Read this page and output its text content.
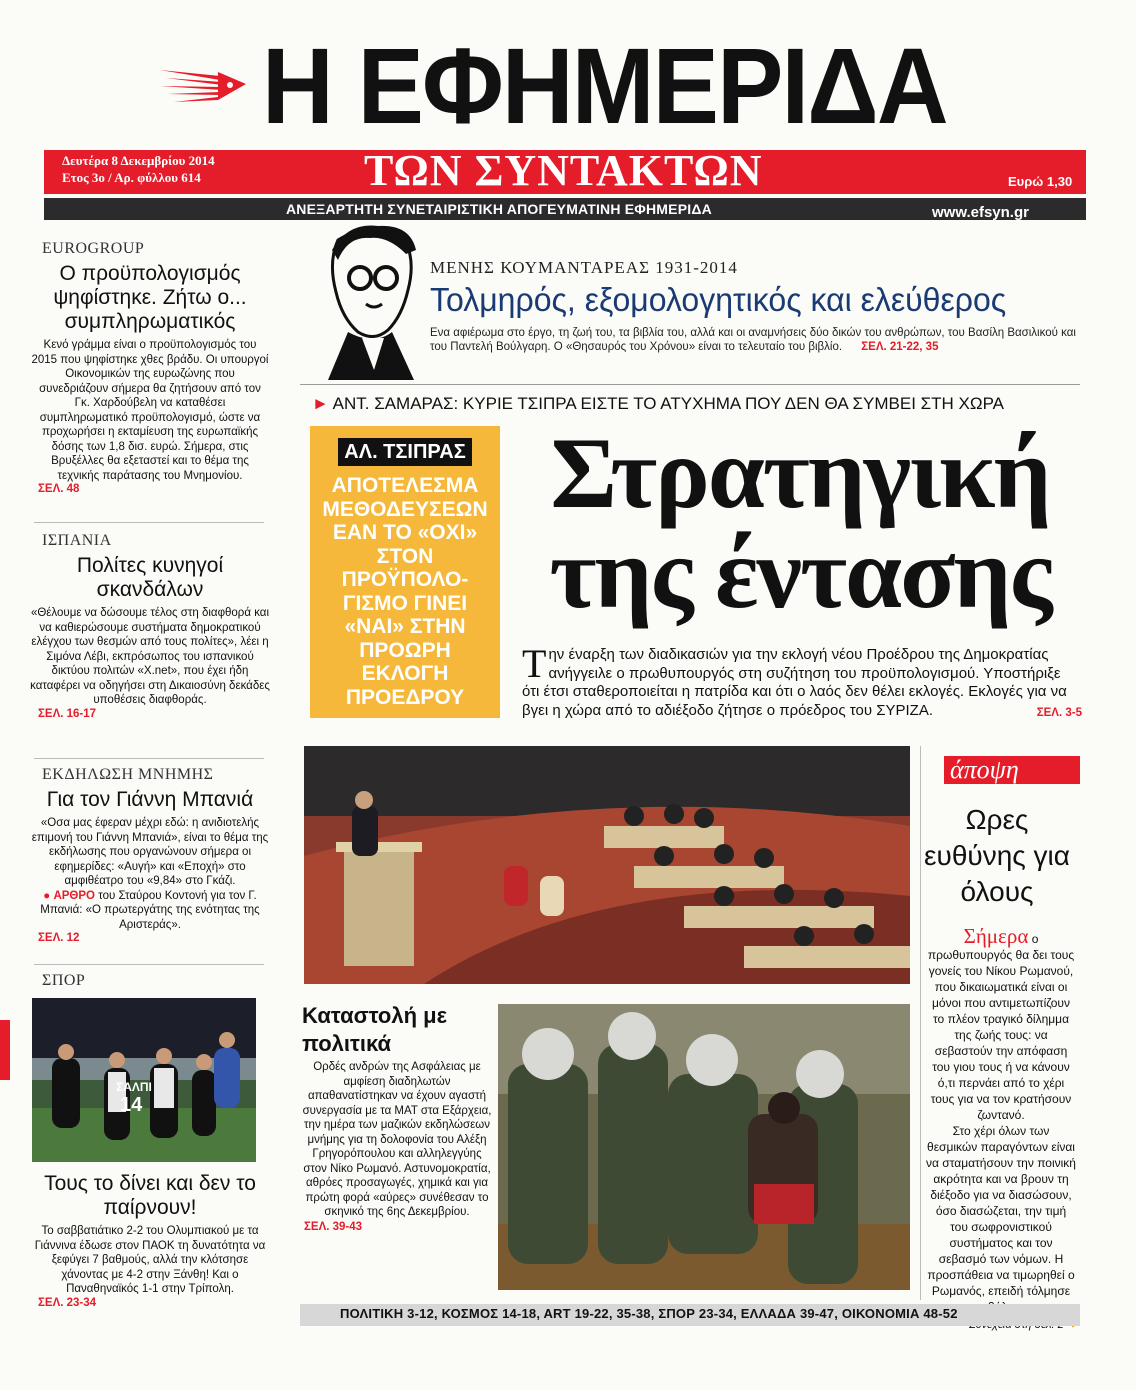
Η ΕΦΗΜΕΡΙΔΑ
Δευτέρα 8 Δεκεμβρίου 2014
Ετος 3ο / Αρ. φύλλου 614	ΤΩΝ ΣΥΝΤΑΚΤΩΝ	Ευρώ 1,30
ΑΝΕΞΑΡΤΗΤΗ ΣΥΝΕΤΑΙΡΙΣΤΙΚΗ ΑΠΟΓΕΥΜΑΤΙΝΗ ΕΦΗΜΕΡΙΔΑ	www.efsyn.gr
EUROGROUP
Ο προϋπολογισμός ψηφίστηκε. Ζήτω ο... συμπληρωματικός
Κενό γράμμα είναι ο προϋπολογισμός του 2015 που ψηφίστηκε χθες βράδυ. Οι υπουργοί Οικονομικών της ευρωζώνης που συνεδριάζουν σήμερα θα ζητήσουν από τον Γκ. Χαρδούβελη να καταθέσει συμπληρωματικό προϋπολογισμό, ώστε να προχωρήσει η εκταμίευση της ευρωπαϊκής δόσης των 1,8 δισ. ευρώ. Σήμερα, στις Βρυξέλλες θα εξεταστεί και το θέμα της τεχνικής παράτασης του Μνημονίου.
ΣΕΛ. 48
ΙΣΠΑΝΙΑ
Πολίτες κυνηγοί σκανδάλων
«Θέλουμε να δώσουμε τέλος στη διαφθορά και να καθιερώσουμε συστήματα δημοκρατικού ελέγχου των θεσμών από τους πολίτες», λέει η Σιμόνα Λέβι, εκπρόσωπος του ισπανικού δικτύου πολιτών «X.net», που έχει ήδη καταφέρει να οδηγήσει στη Δικαιοσύνη δεκάδες υποθέσεις διαφθοράς.
ΣΕΛ. 16-17
ΕΚΔΗΛΩΣΗ ΜΝΗΜΗΣ
Για τον Γιάννη Μπανιά
«Οσα μας έφεραν μέχρι εδώ: η ανιδιοτελής επιμονή του Γιάννη Μπανιά», είναι το θέμα της εκδήλωσης που οργανώνουν σήμερα οι εφημερίδες: «Αυγή» και «Εποχή» στο αμφιθέατρο του «9,84» στο Γκάζι.
● ΑΡΘΡΟ του Σταύρου Κοντονή για τον Γ. Μπανιά: «Ο πρωτεργάτης της ενότητας της Αριστεράς».
ΣΕΛ. 12
ΣΠΟΡ
ΣΑΛΠΙ
14
Τους το δίνει και δεν το παίρνουν!
Το σαββατιάτικο 2-2 του Ολυμπιακού με τα Γιάννινα έδωσε στον ΠΑΟΚ τη δυνατότητα να ξεφύγει 7 βαθμούς, αλλά την κλότσησε χάνοντας με 4-2 στην Ξάνθη! Και ο Παναθηναϊκός 1-1 στην Τρίπολη.
ΣΕΛ. 23-34
ΜΕΝΗΣ ΚΟΥΜΑΝΤΑΡΕΑΣ 1931-2014
Τολμηρός, εξομολογητικός και ελεύθερος
Ενα αφιέρωμα στο έργο, τη ζωή του, τα βιβλία του, αλλά και οι αναμνήσεις δύο δικών του ανθρώπων, του Βασίλη Βασιλικού και του Παντελή Βούλγαρη. Ο «Θησαυρός του Χρόνου» είναι το τελευταίο του βιβλίο. ΣΕΛ. 21-22, 35
► ΑΝΤ. ΣΑΜΑΡΑΣ: ΚΥΡΙΕ ΤΣΙΠΡΑ ΕΙΣΤΕ ΤΟ ΑΤΥΧΗΜΑ ΠΟΥ ΔΕΝ ΘΑ ΣΥΜΒΕΙ ΣΤΗ ΧΩΡΑ
ΑΛ. ΤΣΙΠΡΑΣ
ΑΠΟΤΕΛΕΣΜΑ ΜΕΘΟΔΕΥΣΕΩΝ ΕΑΝ ΤΟ «ΟΧΙ» ΣΤΟΝ ΠΡΟΫΠΟΛΟ-ΓΙΣΜΟ ΓΙΝΕΙ «ΝΑΙ» ΣΤΗΝ ΠΡΟΩΡΗ ΕΚΛΟΓΗ ΠΡΟΕΔΡΟΥ
Στρατηγική
της έντασης
Την έναρξη των διαδικασιών για την εκλογή νέου Προέδρου της Δημοκρατίας ανήγγειλε ο πρωθυπουργός στη συζήτηση του προϋπολογισμού. Υποστήριξε ότι έτσι σταθεροποιείται η πατρίδα και ότι ο λαός δεν θέλει εκλογές. Εκλογές για να βγει η χώρα από το αδιέξοδο ζήτησε ο πρόεδρος του ΣΥΡΙΖΑ.	ΣΕΛ. 3-5
άποψη
Ωρες ευθύνης για όλους
Σήμερα ο πρωθυπουργός θα δει τους γονείς του Νίκου Ρωμανού, που δικαιωματικά είναι οι μόνοι που αντιμετωπίζουν το πλέον τραγικό δίλημμα της ζωής τους: να σεβαστούν την απόφαση του γιου τους ή να κάνουν ό,τι περνάει από το χέρι τους για να τον κρατήσουν ζωντανό.
Στο χέρι όλων των θεσμικών παραγόντων είναι να σταματήσουν την ποινική ακρότητα και να βρουν τη διέξοδο για να διασώσουν, όσο διασώζεται, την τιμή του σωφρονιστικού συστήματος και τον σεβασμό των νόμων. Η προσπάθεια να τιμωρηθεί ο Ρωμανός, επειδή τόλμησε
Καταστολή με πολιτικά
Ορδές ανδρών της Ασφάλειας με αμφίεση διαδηλωτών απαθανατίστηκαν να έχουν αγαστή συνεργασία με τα ΜΑΤ στα Εξάρχεια, την ημέρα των μαζικών εκδηλώσεων μνήμης για τη δολοφονία του Αλέξη Γρηγορόπουλου και αλληλεγγύης στον Νίκο Ρωμανό. Αστυνομοκρατία, αθρόες προσαγωγές, χημικά και για πρώτη φορά «αύρες» συνέθεσαν το σκηνικό της 6ης Δεκεμβρίου.
ΣΕΛ. 39-43
ΠΟΛΙΤΙΚΗ 3-12, ΚΟΣΜΟΣ 14-18, ΑRΤ 19-22, 35-38, ΣΠΟΡ 23-34, ΕΛΛΑΔΑ 39-47, ΟΙΚΟΝΟΜΙΑ 48-52
